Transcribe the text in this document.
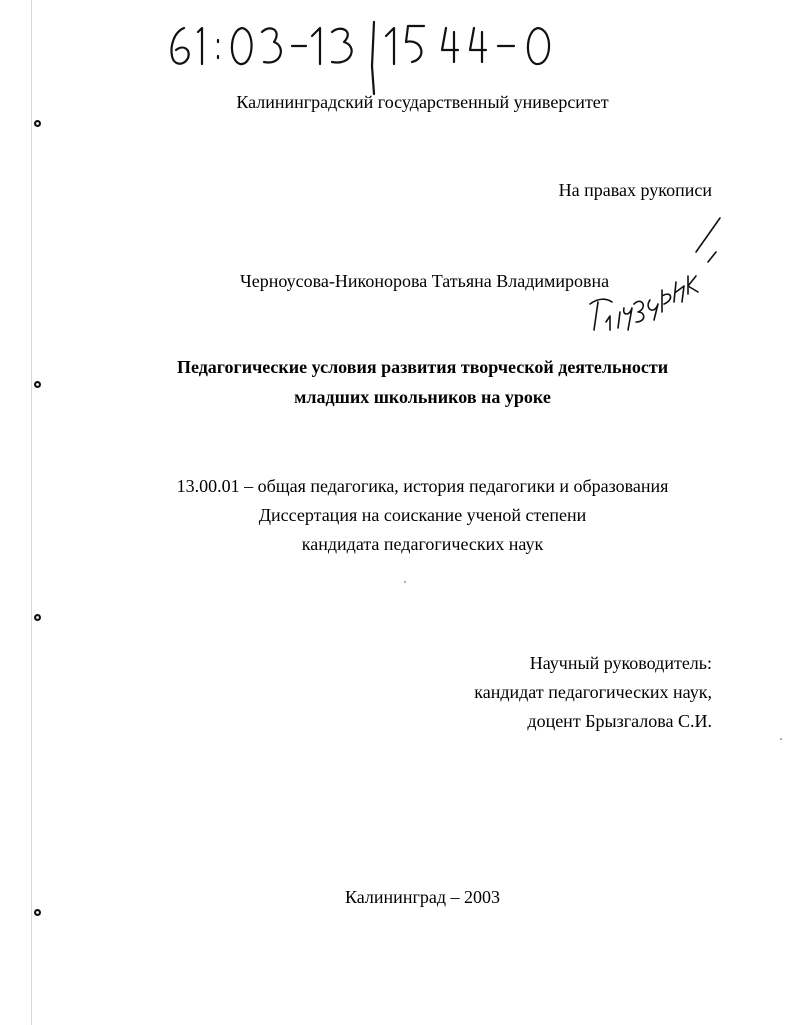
Калининградский государственный университет
На правах рукописи
Черноусова-Никонорова Татьяна Владимировна
Педагогические условия развития творческой деятельности
младших школьников на уроке
13.00.01 – общая педагогика, история педагогики и образования
Диссертация на соискание ученой степени
кандидата педагогических наук
Научный руководитель:
кандидат педагогических наук,
доцент Брызгалова С.И.
Калининград – 2003
